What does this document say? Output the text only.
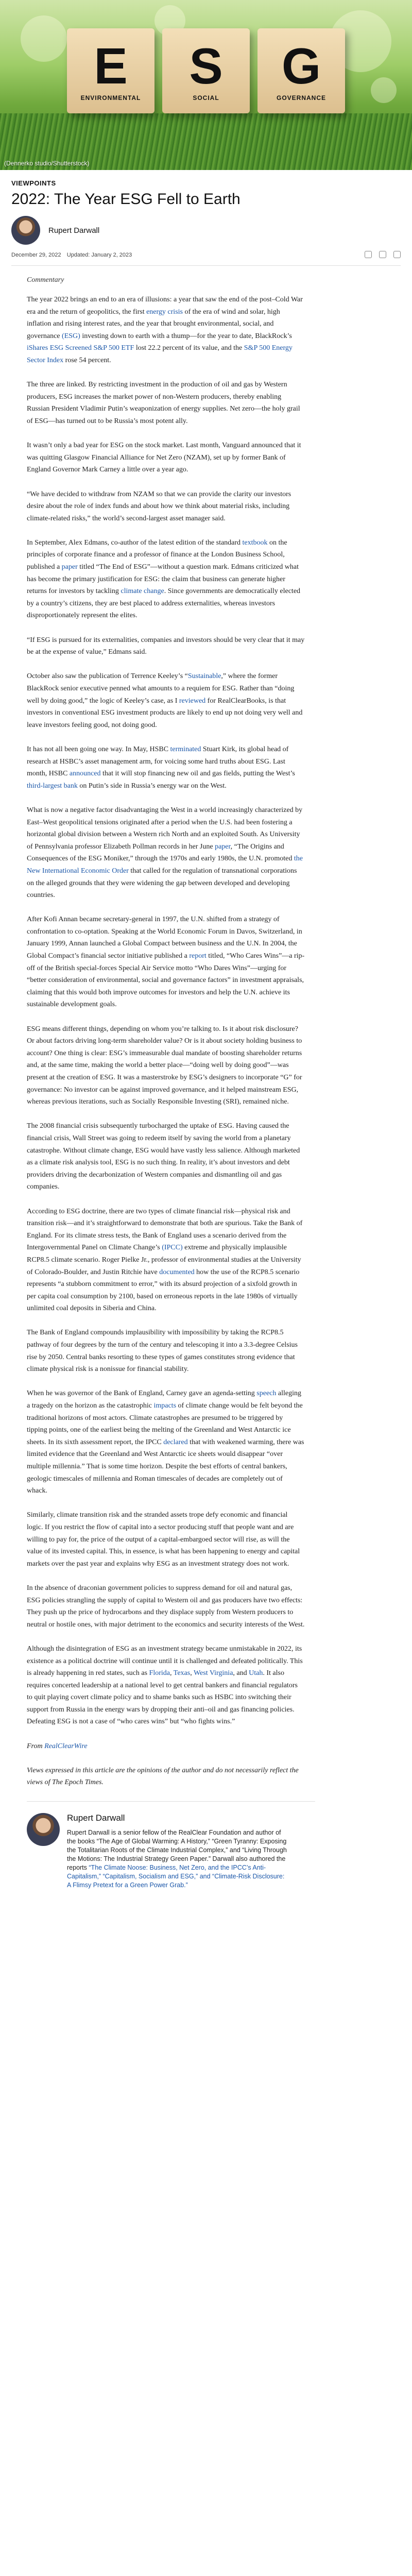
E
ENVIRONMENTAL
S
SOCIAL
G
GOVERNANCE
(Dennerko studio/Shutterstock)
VIEWPOINTS
2022: The Year ESG Fell to Earth
Rupert Darwall
December 29, 2022 Updated: January 2, 2023
Commentary

The year 2022 brings an end to an era of illusions: a year that saw the end of the post–Cold War era and the return of geopolitics, the first energy crisis of the era of wind and solar, high inflation and rising interest rates, and the year that brought environmental, social, and governance (ESG) investing down to earth with a thump—for the year to date, BlackRock’s iShares ESG Screened S&P 500 ETF lost 22.2 percent of its value, and the S&P 500 Energy Sector Index rose 54 percent.

The three are linked. By restricting investment in the production of oil and gas by Western producers, ESG increases the market power of non-Western producers, thereby enabling Russian President Vladimir Putin’s weaponization of energy supplies. Net zero—the holy grail of ESG—has turned out to be Russia’s most potent ally.

It wasn’t only a bad year for ESG on the stock market. Last month, Vanguard announced that it was quitting Glasgow Financial Alliance for Net Zero (NZAM), set up by former Bank of England Governor Mark Carney a little over a year ago.

“We have decided to withdraw from NZAM so that we can provide the clarity our investors desire about the role of index funds and about how we think about material risks, including climate-related risks,” the world’s second-largest asset manager said.

In September, Alex Edmans, co-author of the latest edition of the standard textbook on the principles of corporate finance and a professor of finance at the London Business School, published a paper titled “The End of ESG”—without a question mark. Edmans criticized what has become the primary justification for ESG: the claim that business can generate higher returns for investors by tackling climate change. Since governments are democratically elected by a country’s citizens, they are best placed to address externalities, whereas investors disproportionately represent the elites.

“If ESG is pursued for its externalities, companies and investors should be very clear that it may be at the expense of value,” Edmans said.

October also saw the publication of Terrence Keeley’s “Sustainable,” where the former BlackRock senior executive penned what amounts to a requiem for ESG. Rather than “doing well by doing good,” the logic of Keeley’s case, as I reviewed for RealClearBooks, is that investors in conventional ESG investment products are likely to end up not doing very well and leave investors feeling good, not doing good.

It has not all been going one way. In May, HSBC terminated Stuart Kirk, its global head of research at HSBC’s asset management arm, for voicing some hard truths about ESG. Last month, HSBC announced that it will stop financing new oil and gas fields, putting the West’s third-largest bank on Putin’s side in Russia’s energy war on the West.

What is now a negative factor disadvantaging the West in a world increasingly characterized by East–West geopolitical tensions originated after a period when the U.S. had been fostering a horizontal global division between a Western rich North and an exploited South. As University of Pennsylvania professor Elizabeth Pollman records in her June paper, “The Origins and Consequences of the ESG Moniker,” through the 1970s and early 1980s, the U.N. promoted the New International Economic Order that called for the regulation of transnational corporations on the alleged grounds that they were widening the gap between developed and developing countries.

After Kofi Annan became secretary-general in 1997, the U.N. shifted from a strategy of confrontation to co-optation. Speaking at the World Economic Forum in Davos, Switzerland, in January 1999, Annan launched a Global Compact between business and the U.N. In 2004, the Global Compact’s financial sector initiative published a report titled, “Who Cares Wins”—a rip-off of the British special-forces Special Air Service motto “Who Dares Wins”—urging for “better consideration of environmental, social and governance factors” in investment appraisals, claiming that this would both improve outcomes for investors and help the U.N. achieve its sustainable development goals.

ESG means different things, depending on whom you’re talking to. Is it about risk disclosure? Or about factors driving long-term shareholder value? Or is it about society holding business to account? One thing is clear: ESG’s immeasurable dual mandate of boosting shareholder returns and, at the same time, making the world a better place—“doing well by doing good”—was present at the creation of ESG. It was a masterstroke by ESG’s designers to incorporate “G” for governance: No investor can be against improved governance, and it helped mainstream ESG, whereas previous iterations, such as Socially Responsible Investing (SRI), remained niche.

The 2008 financial crisis subsequently turbocharged the uptake of ESG. Having caused the financial crisis, Wall Street was going to redeem itself by saving the world from a planetary catastrophe. Without climate change, ESG would have vastly less salience. Although marketed as a climate risk analysis tool, ESG is no such thing. In reality, it’s about investors and debt providers driving the decarbonization of Western companies and dismantling oil and gas companies.

According to ESG doctrine, there are two types of climate financial risk—physical risk and transition risk—and it’s straightforward to demonstrate that both are spurious. Take the Bank of England. For its climate stress tests, the Bank of England uses a scenario derived from the Intergovernmental Panel on Climate Change’s (IPCC) extreme and physically implausible RCP8.5 climate scenario. Roger Pielke Jr., professor of environmental studies at the University of Colorado-Boulder, and Justin Ritchie have documented how the use of the RCP8.5 scenario represents “a stubborn commitment to error,” with its absurd projection of a sixfold growth in per capita coal consumption by 2100, based on erroneous reports in the late 1980s of virtually unlimited coal deposits in Siberia and China.

The Bank of England compounds implausibility with impossibility by taking the RCP8.5 pathway of four degrees by the turn of the century and telescoping it into a 3.3-degree Celsius rise by 2050. Central banks resorting to these types of games constitutes strong evidence that climate physical risk is a nonissue for financial stability.

When he was governor of the Bank of England, Carney gave an agenda-setting speech alleging a tragedy on the horizon as the catastrophic impacts of climate change would be felt beyond the traditional horizons of most actors. Climate catastrophes are presumed to be triggered by tipping points, one of the earliest being the melting of the Greenland and West Antarctic ice sheets. In its sixth assessment report, the IPCC declared that with weakened warming, there was limited evidence that the Greenland and West Antarctic ice sheets would disappear “over multiple millennia.” That is some time horizon. Despite the best efforts of central bankers, geologic timescales of millennia and Roman timescales of decades are completely out of whack.

Similarly, climate transition risk and the stranded assets trope defy economic and financial logic. If you restrict the flow of capital into a sector producing stuff that people want and are willing to pay for, the price of the output of a capital-embargoed sector will rise, as will the value of its invested capital. This, in essence, is what has been happening to energy and capital markets over the past year and explains why ESG as an investment strategy does not work.

In the absence of draconian government policies to suppress demand for oil and natural gas, ESG policies strangling the supply of capital to Western oil and gas producers have two effects: They push up the price of hydrocarbons and they displace supply from Western producers to neutral or hostile ones, with major detriment to the economics and security interests of the West.

Although the disintegration of ESG as an investment strategy became unmistakable in 2022, its existence as a political doctrine will continue until it is challenged and defeated politically. This is already happening in red states, such as Florida, Texas, West Virginia, and Utah. It also requires concerted leadership at a national level to get central bankers and financial regulators to quit playing covert climate policy and to shame banks such as HSBC into switching their support from Russia in the energy wars by dropping their anti–oil and gas financing policies. Defeating ESG is not a case of “who cares wins” but “who fights wins.”

From RealClearWire

Views expressed in this article are the opinions of the author and do not necessarily reflect the views of The Epoch Times.

Rupert Darwall
Rupert Darwall is a senior fellow of the RealClear Foundation and author of the books “The Age of Global Warming: A History,” “Green Tyranny: Exposing the Totalitarian Roots of the Climate Industrial Complex,” and “Living Through the Motions: The Industrial Strategy Green Paper.” Darwall also authored the reports “The Climate Noose: Business, Net Zero, and the IPCC’s Anti-Capitalism,” “Capitalism, Socialism and ESG,” and “Climate-Risk Disclosure: A Flimsy Pretext for a Green Power Grab.”
